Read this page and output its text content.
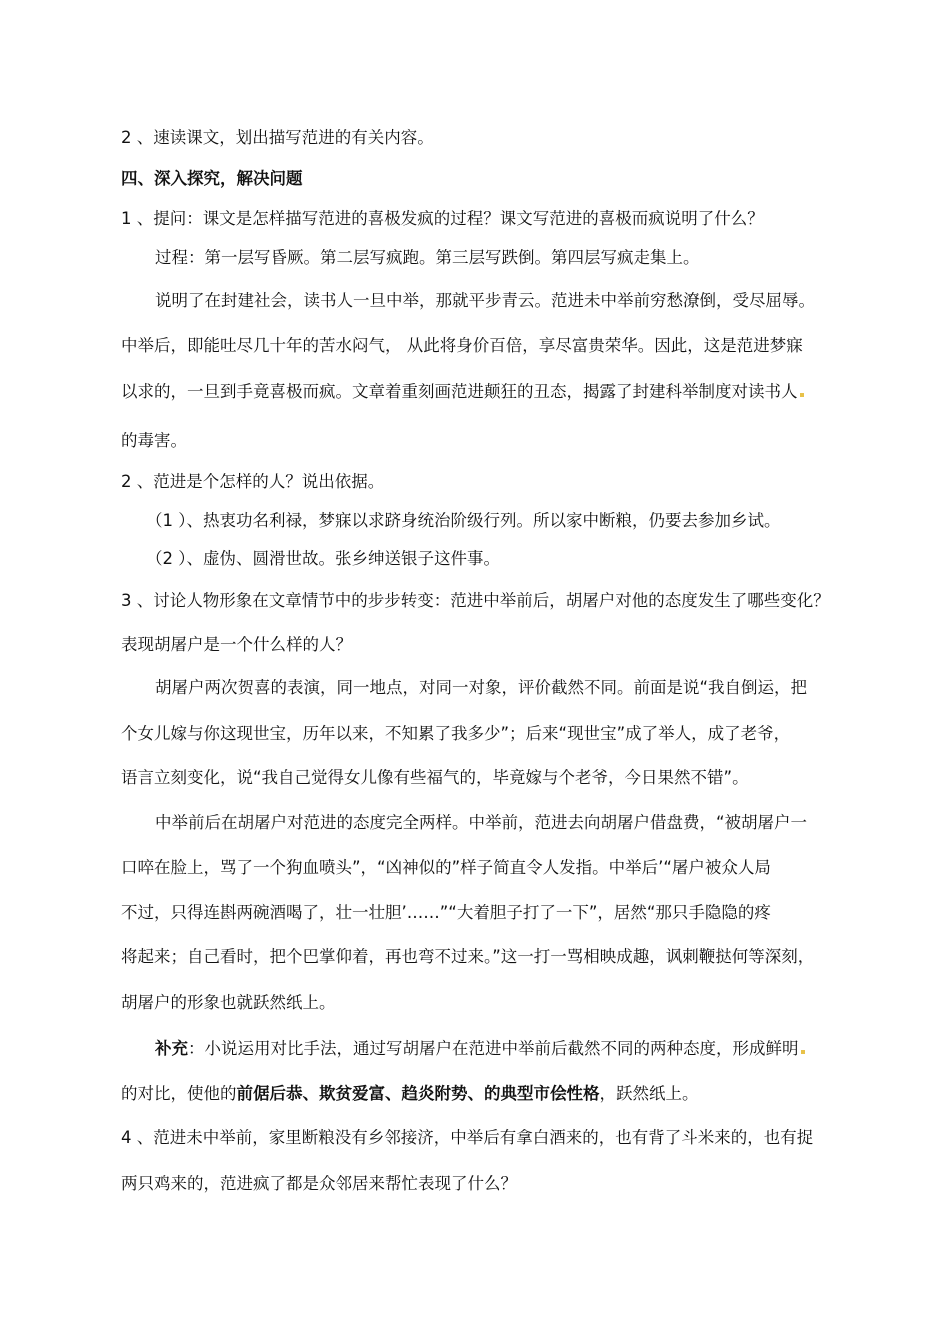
2 、速读课文，划出描写范进的有关内容。
四、深入探究，解决问题
1 、提问：课文是怎样描写范进的喜极发疯的过程？课文写范进的喜极而疯说明了什么？
过程：第一层写昏厥。第二层写疯跑。第三层写跌倒。第四层写疯走集上。
说明了在封建社会，读书人一旦中举，那就平步青云。范进未中举前穷愁潦倒，受尽屈辱。
中举后，即能吐尽几十年的苦水闷气， 从此将身价百倍，享尽富贵荣华。因此，这是范进梦寐
以求的，一旦到手竟喜极而疯。文章着重刻画范进颠狂的丑态，揭露了封建科举制度对读书人
的毒害。
2 、范进是个怎样的人？说出依据。
（1 ）、热衷功名利禄，梦寐以求跻身统治阶级行列。所以家中断粮，仍要去参加乡试。
（2 ）、虚伪、圆滑世故。张乡绅送银子这件事。
3 、讨论人物形象在文章情节中的步步转变：范进中举前后，胡屠户对他的态度发生了哪些变化？
表现胡屠户是一个什么样的人？
胡屠户两次贺喜的表演，同一地点，对同一对象，评价截然不同。前面是说“我自倒运，把
个女儿嫁与你这现世宝，历年以来，不知累了我多少”；后来“现世宝”成了举人，成了老爷，
语言立刻变化，说“我自己觉得女儿像有些福气的，毕竟嫁与个老爷，今日果然不错”。
中举前后在胡屠户对范进的态度完全两样。中举前，范进去向胡屠户借盘费，“被胡屠户一
口啐在脸上，骂了一个狗血喷头”，“凶神似的”样子简直令人发指。中举后’“屠户被众人局
不过，只得连斟两碗酒喝了，壮一壮胆’……”“大着胆子打了一下”，居然“那只手隐隐的疼
将起来；自己看时，把个巴掌仰着，再也弯不过来。”这一打一骂相映成趣，讽刺鞭挞何等深刻，
胡屠户的形象也就跃然纸上。
补充：小说运用对比手法，通过写胡屠户在范进中举前后截然不同的两种态度，形成鲜明
的对比，使他的前倨后恭、欺贫爱富、趋炎附势、的典型市侩性格，跃然纸上。
4 、范进未中举前，家里断粮没有乡邻接济，中举后有拿白酒来的，也有背了斗米来的，也有捉
两只鸡来的，范进疯了都是众邻居来帮忙表现了什么？
